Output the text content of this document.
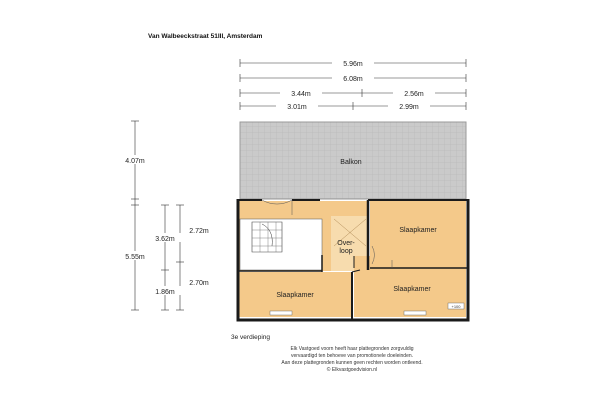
Van Walbeeckstraat 51III, Amsterdam
5.96m
6.08m
3.44m	2.56m
3.01m	2.99m
4.07m
5.55m
3.62m
1.86m
2.72m
2.70m
Balkon
Over-
loop
Slaapkamer
Slaapkamer
Slaapkamer
+100
3e verdieping
Elk Vastgoed voorn heeft haar plattegronden zorgvuldig
vervaardigd ten behoeve van promotionele doeleinden.
Aan deze plattegronden kunnen geen rechten worden ontleend.
© Elkvastgoedvision.nl
